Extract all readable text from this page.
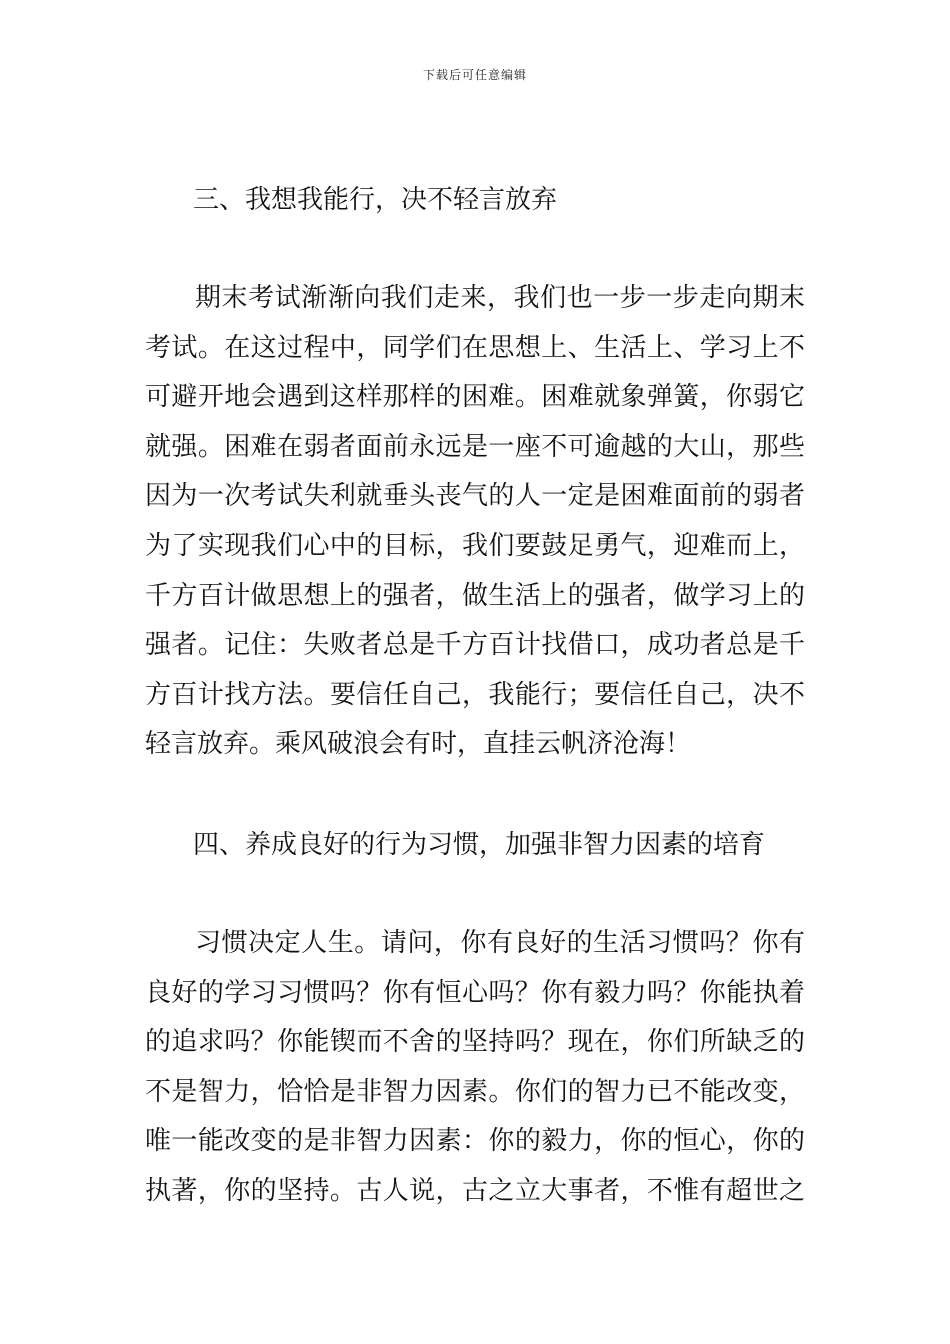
下载后可任意编辑
三、我想我能行，决不轻言放弃
期末考试渐渐向我们走来，我们也一步一步走向期末
考试。在这过程中，同学们在思想上、生活上、学习上不
可避开地会遇到这样那样的困难。困难就象弹簧，你弱它
就强。困难在弱者面前永远是一座不可逾越的大山，那些
因为一次考试失利就垂头丧气的人一定是困难面前的弱者
为了实现我们心中的目标，我们要鼓足勇气，迎难而上，
千方百计做思想上的强者，做生活上的强者，做学习上的
强者。记住：失败者总是千方百计找借口，成功者总是千
方百计找方法。要信任自己，我能行；要信任自己，决不
轻言放弃。乘风破浪会有时，直挂云帆济沧海！
四、养成良好的行为习惯，加强非智力因素的培育
习惯决定人生。请问，你有良好的生活习惯吗？你有
良好的学习习惯吗？你有恒心吗？你有毅力吗？你能执着
的追求吗？你能锲而不舍的坚持吗？现在，你们所缺乏的
不是智力，恰恰是非智力因素。你们的智力已不能改变，
唯一能改变的是非智力因素：你的毅力，你的恒心，你的
执著，你的坚持。古人说，古之立大事者，不惟有超世之
